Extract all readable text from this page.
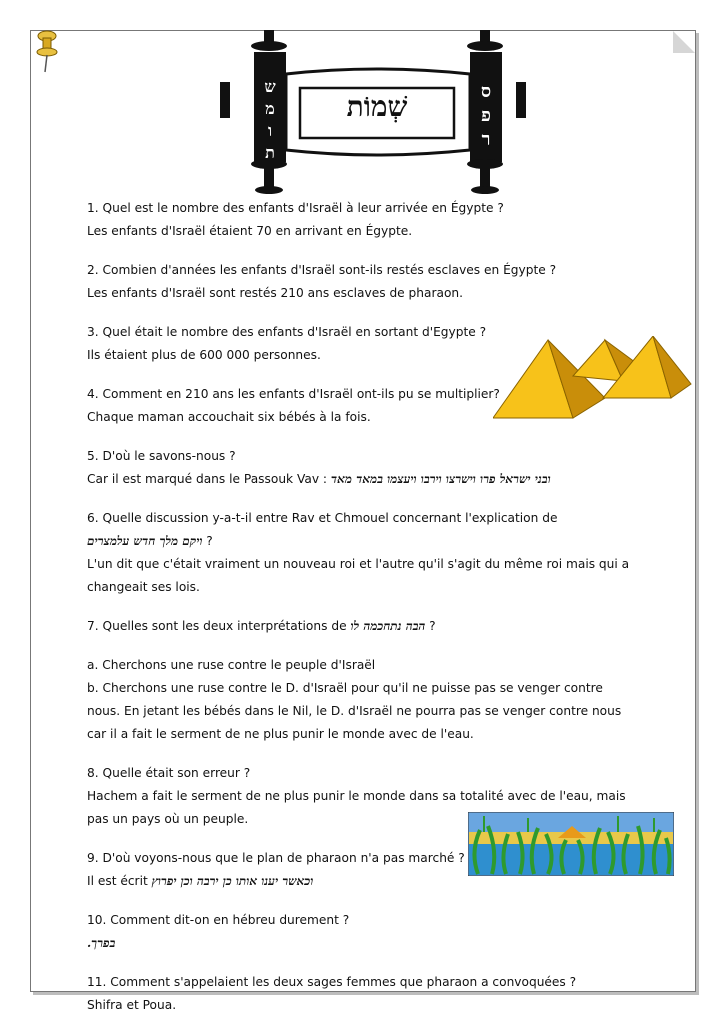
שְׁמוֹת
ש
מ
ו
ת
ס
פ
ר
1. Quel est le nombre des enfants d'Israël à leur arrivée en Égypte ?
Les enfants d'Israël étaient 70 en arrivant en Égypte.
2. Combien d'années les enfants d'Israël sont-ils restés esclaves en Égypte ?
Les enfants d'Israël sont restés 210 ans esclaves de pharaon.
3. Quel était le nombre des enfants d'Israël en sortant d'Egypte ?
Ils étaient plus de 600 000 personnes.
4. Comment en 210 ans les enfants d'Israël ont-ils pu se multiplier?
Chaque maman accouchait six bébés à la fois.
5. D'où le savons-nous ?
Car il est marqué dans le Passouk Vav : ובני ישראל פרו וישרצו וירבו ויעצמו במאד מאד
6. Quelle discussion y-a-t-il entre Rav et Chmouel concernant l'explication de
ויקם מלך חדש עלמצרים ?
L'un dit que c'était vraiment un nouveau roi et l'autre qu'il s'agit du même roi mais qui a
changeait ses lois.
7. Quelles sont les deux interprétations de הבה נתחכמה לו ?
a. Cherchons une ruse contre le peuple d'Israël
b. Cherchons une ruse contre le D. d'Israël pour qu'il ne puisse pas se venger contre
nous. En jetant les bébés dans le Nil, le D. d'Israël ne pourra pas se venger contre nous
car il a fait le serment de ne plus punir le monde avec de l'eau.
8. Quelle était son erreur ?
Hachem a fait le serment de ne plus punir le monde dans sa totalité avec de l'eau, mais
pas un pays où un peuple.
9. D'où voyons-nous que le plan de pharaon n'a pas marché ?
Il est écrit וכאשר יענו אותו כן ירבה וכן יפרוץ
10. Comment dit-on en hébreu durement ?
בפרך.
11. Comment s'appelaient les deux sages femmes que pharaon a convoquées ?
Shifra et Poua.
